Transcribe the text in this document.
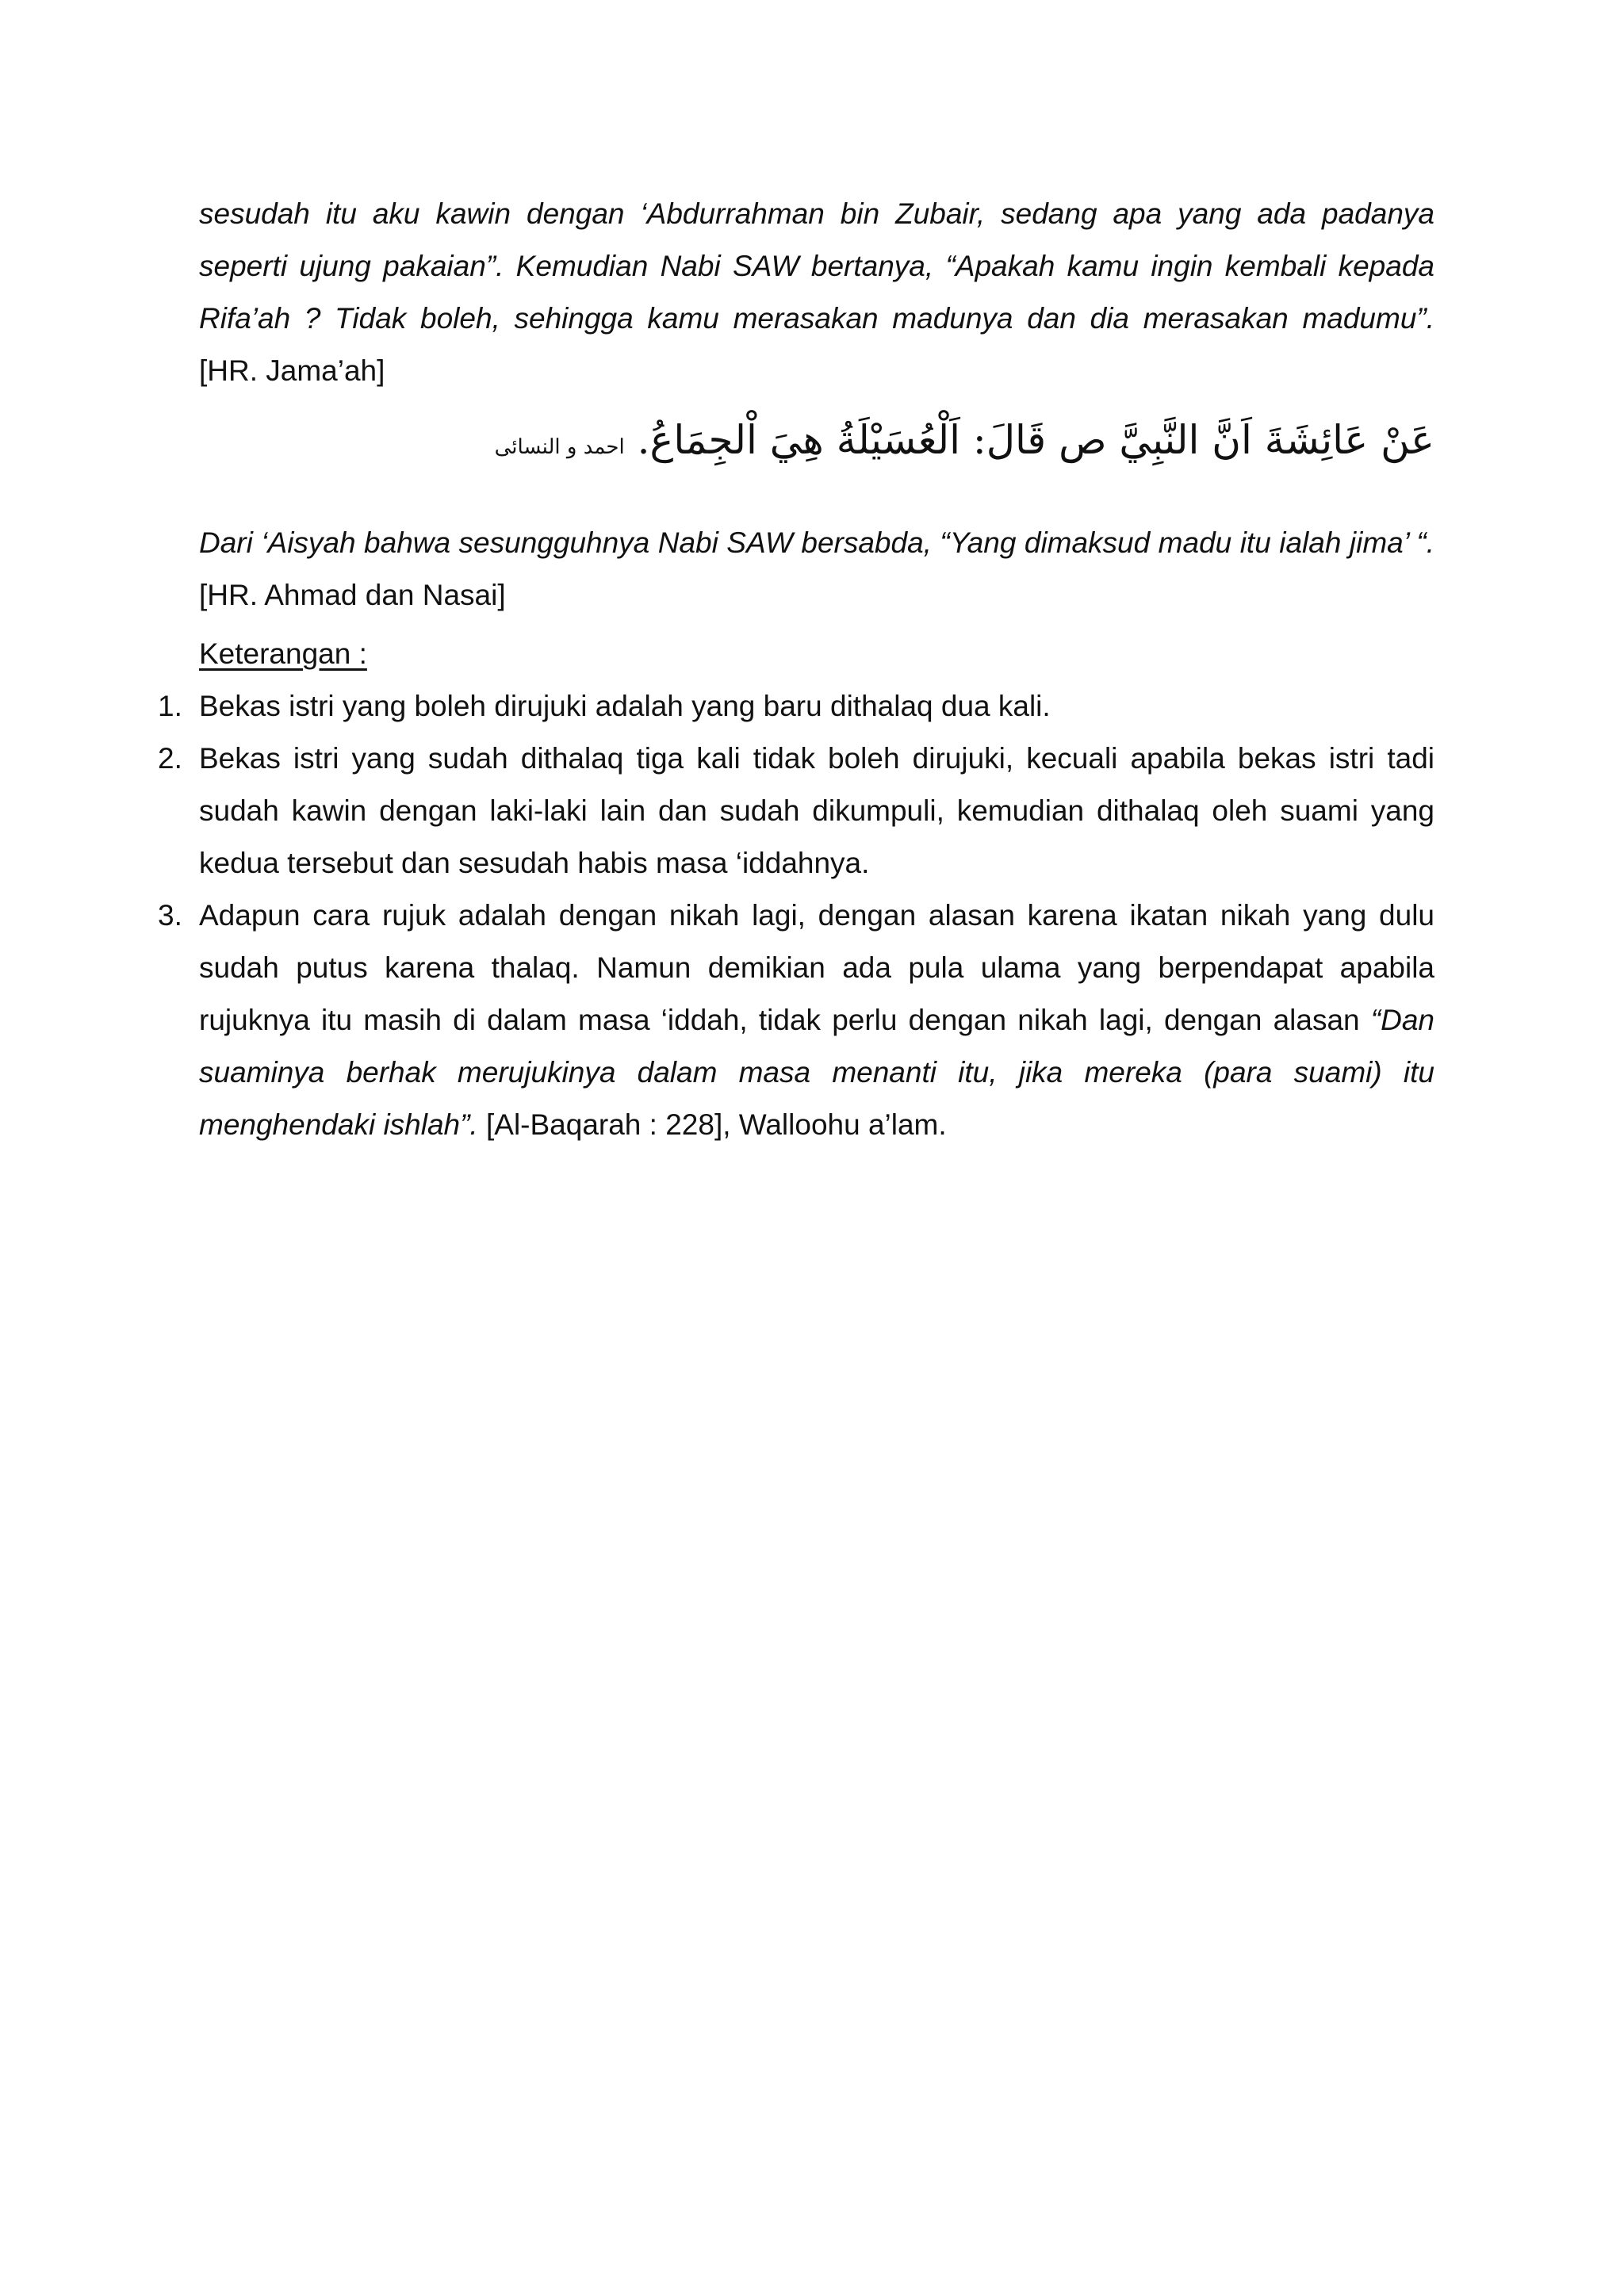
sesudah itu aku kawin dengan ‘Abdurrahman bin Zubair, sedang apa yang ada padanya seperti ujung pakaian”. Kemudian Nabi SAW bertanya, “Apakah kamu ingin kembali kepada Rifa’ah ? Tidak boleh, sehingga kamu merasakan madunya dan dia merasakan madumu”. [HR. Jama’ah]

عَنْ عَائِشَةَ اَنَّ النَّبِيَّ ص قَالَ: اَلْعُسَيْلَةُ هِيَ اْلجِمَاعُ. احمد و النسائى

Dari ‘Aisyah bahwa sesungguhnya Nabi SAW bersabda, “Yang dimaksud madu itu ialah jima’ “. [HR. Ahmad dan Nasai]

Keterangan :

1. Bekas istri yang boleh dirujuki adalah yang baru dithalaq dua kali.
2. Bekas istri yang sudah dithalaq tiga kali tidak boleh dirujuki, kecuali apabila bekas istri tadi sudah kawin dengan laki-laki lain dan sudah dikumpuli, kemudian dithalaq oleh suami yang kedua tersebut dan sesudah habis masa ‘iddahnya.
3. Adapun cara rujuk adalah dengan nikah lagi, dengan alasan karena ikatan nikah yang dulu sudah putus karena thalaq. Namun demikian ada pula ulama yang berpendapat apabila rujuknya itu masih di dalam masa ‘iddah, tidak perlu dengan nikah lagi, dengan alasan “Dan suaminya berhak merujukinya dalam masa menanti itu, jika mereka (para suami) itu menghendaki ishlah”. [Al-Baqarah : 228], Walloohu a’lam.
